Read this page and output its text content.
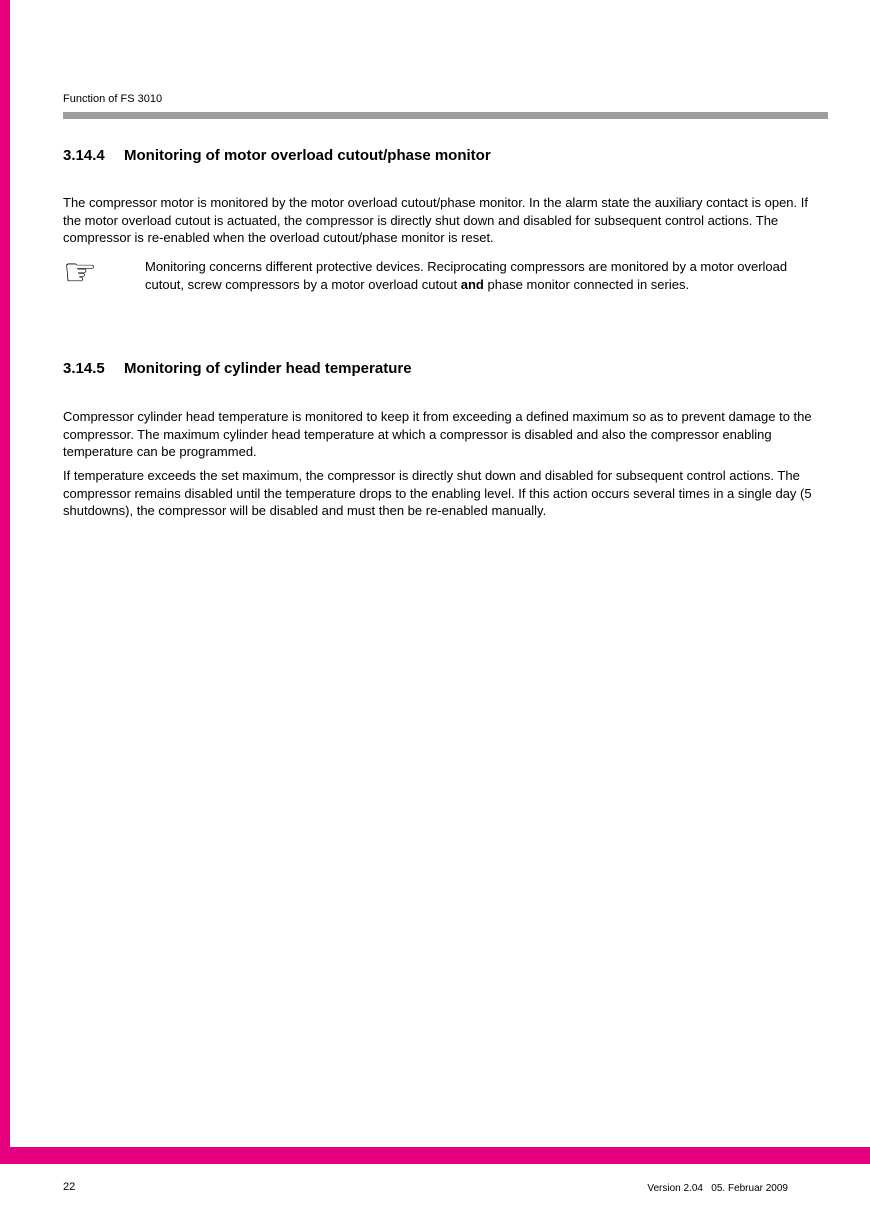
Function of FS 3010
3.14.4	Monitoring of motor overload cutout/phase monitor

The compressor motor is monitored by the motor overload cutout/phase monitor. In the alarm state the auxiliary contact is open. If the motor overload cutout is actuated, the compressor is directly shut down and disabled for subsequent control actions. The compressor is re-enabled when the overload cutout/phase monitor is reset.

☞	Monitoring concerns different protective devices. Reciprocating compressors are monitored by a motor overload cutout, screw compressors by a motor overload cutout and phase monitor connected in series.
3.14.5	Monitoring of cylinder head temperature

Compressor cylinder head temperature is monitored to keep it from exceeding a defined maximum so as to prevent damage to the compressor. The maximum cylinder head temperature at which a compressor is disabled and also the compressor enabling temperature can be programmed.

If temperature exceeds the set maximum, the compressor is directly shut down and disabled for subsequent control actions. The compressor remains disabled until the temperature drops to the enabling level. If this action occurs several times in a single day (5 shutdowns), the compressor will be disabled and must then be re-enabled manually.

22	Version 2.04   05. Februar 2009
